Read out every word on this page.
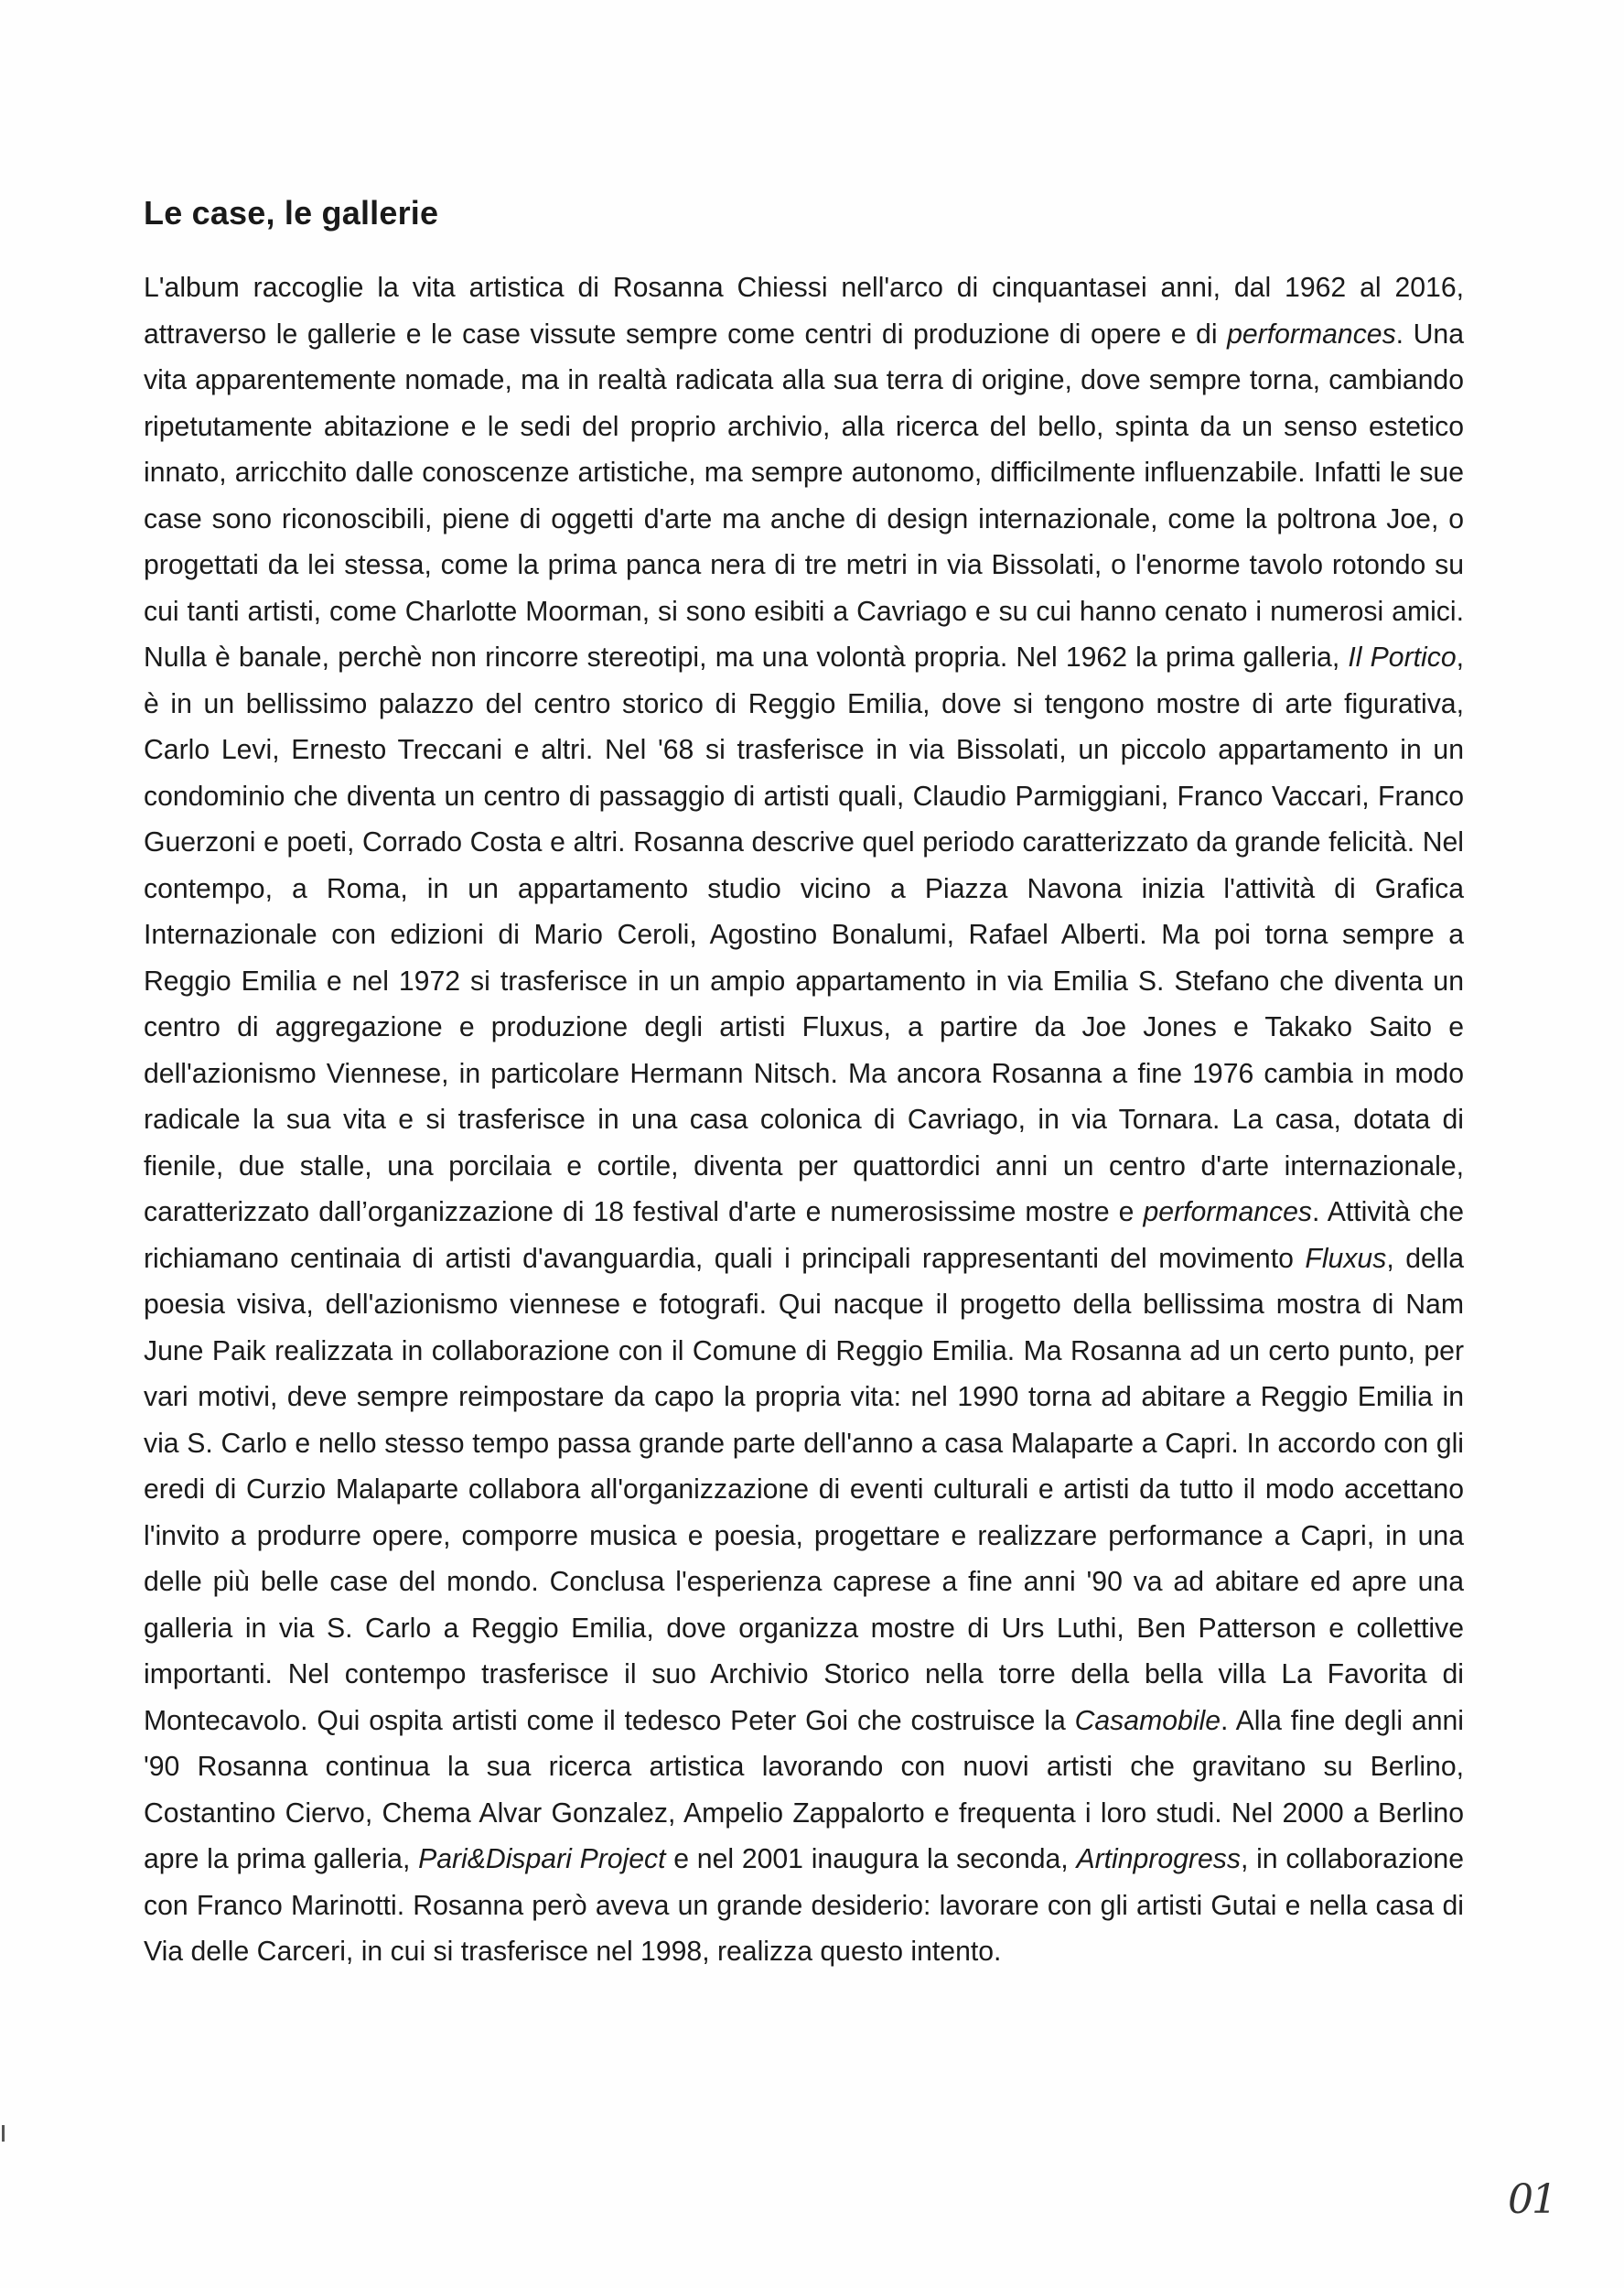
Le case, le gallerie

L'album raccoglie la vita artistica di Rosanna Chiessi nell'arco di cinquantasei anni, dal 1962 al 2016, attraverso le gallerie e le case vissute sempre come centri di produzione di opere e di performances. Una vita apparentemente nomade, ma in realtà radicata alla sua terra di origine, dove sempre torna, cambiando ripetutamente abitazione e le sedi del proprio archivio, alla ricerca del bello, spinta da un senso estetico innato, arricchito dalle conoscenze artistiche, ma sempre autonomo, difficilmente influenzabile. Infatti le sue case sono riconoscibili, piene di oggetti d'arte ma anche di design internazionale, come la poltrona Joe, o progettati da lei stessa, come la prima panca nera di tre metri in via Bissolati, o l'enorme tavolo rotondo su cui tanti artisti, come Charlotte Moorman, si sono esibiti a Cavriago e su cui hanno cenato i numerosi amici. Nulla è banale, perchè non rincorre stereotipi, ma una volontà propria. Nel 1962 la prima galleria, Il Portico, è in un bellissimo palazzo del centro storico di Reggio Emilia, dove si tengono mostre di arte figurativa, Carlo Levi, Ernesto Treccani e altri. Nel '68 si trasferisce in via Bissolati, un piccolo appartamento in un condominio che diventa un centro di passaggio di artisti quali, Claudio Parmiggiani, Franco Vaccari, Franco Guerzoni e poeti, Corrado Costa e altri. Rosanna descrive quel periodo caratterizzato da grande felicità. Nel contempo, a Roma, in un appartamento studio vicino a Piazza Navona inizia l'attività di Grafica Internazionale con edizioni di Mario Ceroli, Agostino Bonalumi, Rafael Alberti. Ma poi torna sempre a Reggio Emilia e nel 1972 si trasferisce in un ampio appartamento in via Emilia S. Stefano che diventa un centro di aggregazione e produzione degli artisti Fluxus, a partire da Joe Jones e Takako Saito e dell'azionismo Viennese, in particolare Hermann Nitsch. Ma ancora Rosanna a fine 1976 cambia in modo radicale la sua vita e si trasferisce in una casa colonica di Cavriago, in via Tornara. La casa, dotata di fienile, due stalle, una porcilaia e cortile, diventa per quattordici anni un centro d'arte internazionale, caratterizzato dall’organizzazione di 18 festival d'arte e numerosissime mostre e performances. Attività che richiamano centinaia di artisti d'avanguardia, quali i principali rappresentanti del movimento Fluxus, della poesia visiva, dell'azionismo viennese e fotografi. Qui nacque il progetto della bellissima mostra di Nam June Paik realizzata in collaborazione con il Comune di Reggio Emilia. Ma Rosanna ad un certo punto, per vari motivi, deve sempre reimpostare da capo la propria vita: nel 1990 torna ad abitare a Reggio Emilia in via S. Carlo e nello stesso tempo passa grande parte dell'anno a casa Malaparte a Capri. In accordo con gli eredi di Curzio Malaparte collabora all'organizzazione di eventi culturali e artisti da tutto il modo accettano l'invito a produrre opere, comporre musica e poesia, progettare e realizzare performance a Capri, in una delle più belle case del mondo. Conclusa l'esperienza caprese a fine anni '90 va ad abitare ed apre una galleria in via S. Carlo a Reggio Emilia, dove organizza mostre di Urs Luthi, Ben Patterson e collettive importanti. Nel contempo trasferisce il suo Archivio Storico nella torre della bella villa La Favorita di Montecavolo. Qui ospita artisti come il tedesco Peter Goi che costruisce la Casamobile. Alla fine degli anni '90 Rosanna continua la sua ricerca artistica lavorando con nuovi artisti che gravitano su Berlino, Costantino Ciervo, Chema Alvar Gonzalez, Ampelio Zappalorto e frequenta i loro studi. Nel 2000 a Berlino apre la prima galleria, Pari&Dispari Project e nel 2001 inaugura la seconda, Artinprogress, in collaborazione con Franco Marinotti. Rosanna però aveva un grande desiderio: lavorare con gli artisti Gutai e nella casa di Via delle Carceri, in cui si trasferisce nel 1998, realizza questo intento.

01
